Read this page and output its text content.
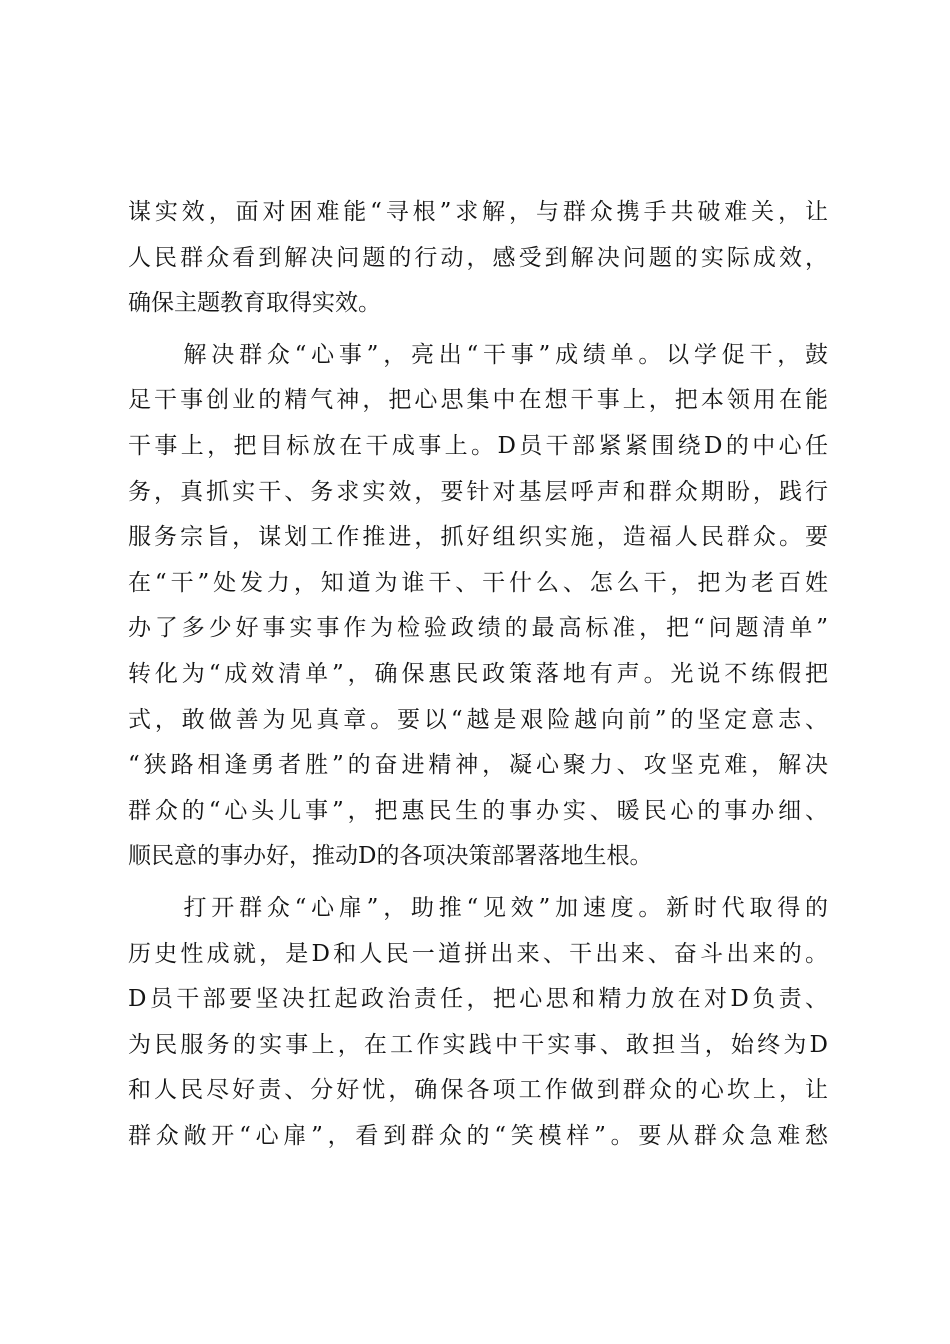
谋实效，面对困难能“寻根”求解，与群众携手共破难关，让
人民群众看到解决问题的行动，感受到解决问题的实际成效，
确保主题教育取得实效。
　　解决群众“心事”，亮出“干事”成绩单。以学促干，鼓
足干事创业的精气神，把心思集中在想干事上，把本领用在能
干事上，把目标放在干成事上。D员干部紧紧围绕D的中心任
务，真抓实干、务求实效，要针对基层呼声和群众期盼，践行
服务宗旨，谋划工作推进，抓好组织实施，造福人民群众。要
在“干”处发力，知道为谁干、干什么、怎么干，把为老百姓
办了多少好事实事作为检验政绩的最高标准，把“问题清单”
转化为“成效清单”，确保惠民政策落地有声。光说不练假把
式，敢做善为见真章。要以“越是艰险越向前”的坚定意志、
“狭路相逢勇者胜”的奋进精神，凝心聚力、攻坚克难，解决
群众的“心头儿事”，把惠民生的事办实、暖民心的事办细、
顺民意的事办好，推动D的各项决策部署落地生根。
　　打开群众“心扉”，助推“见效”加速度。新时代取得的
历史性成就，是D和人民一道拼出来、干出来、奋斗出来的。
D员干部要坚决扛起政治责任，把心思和精力放在对D负责、
为民服务的实事上，在工作实践中干实事、敢担当，始终为D
和人民尽好责、分好忧，确保各项工作做到群众的心坎上，让
群众敞开“心扉”，看到群众的“笑模样”。要从群众急难愁
